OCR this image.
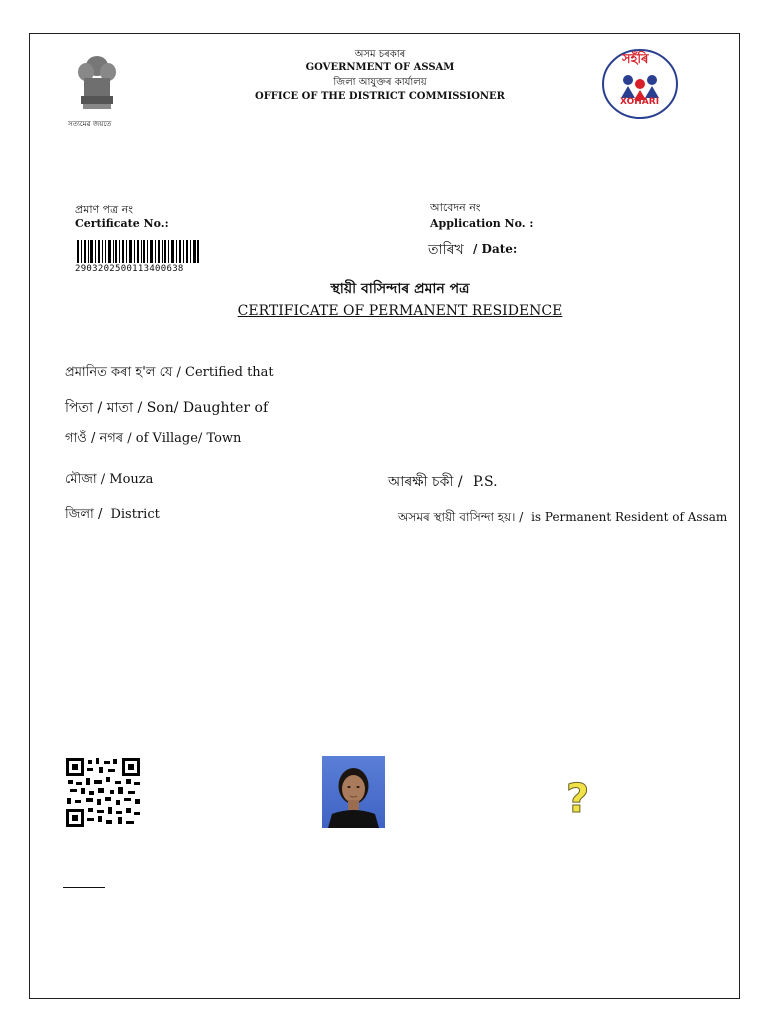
সত্যমেৱ জয়তে
অসম চৰকাৰ
GOVERNMENT OF ASSAM
জিলা আযুক্তৰ কাৰ্যালয়
OFFICE OF THE DISTRICT COMMISSIONER
সহঁৰি
XOHARI
প্ৰমাণ পত্ৰ নং
Certificate No.:
আবেদন নং
Application No. :
তাৰিখ / Date:
290320250011340063​8
স্থায়ী বাসিন্দাৰ প্ৰমান পত্ৰ
CERTIFICATE OF PERMANENT RESIDENCE
প্ৰমানিত কৰা হ'ল যে / Certified that
পিতা / মাতা / Son/ Daughter of
গাওঁ / নগৰ / of Village/ Town
মৌজা / Mouza	আৰক্ষী চকী / P.S.
জিলা / District	অসমৰ স্থায়ী বাসিন্দা হয়। / is Permanent Resident of Assam
?
